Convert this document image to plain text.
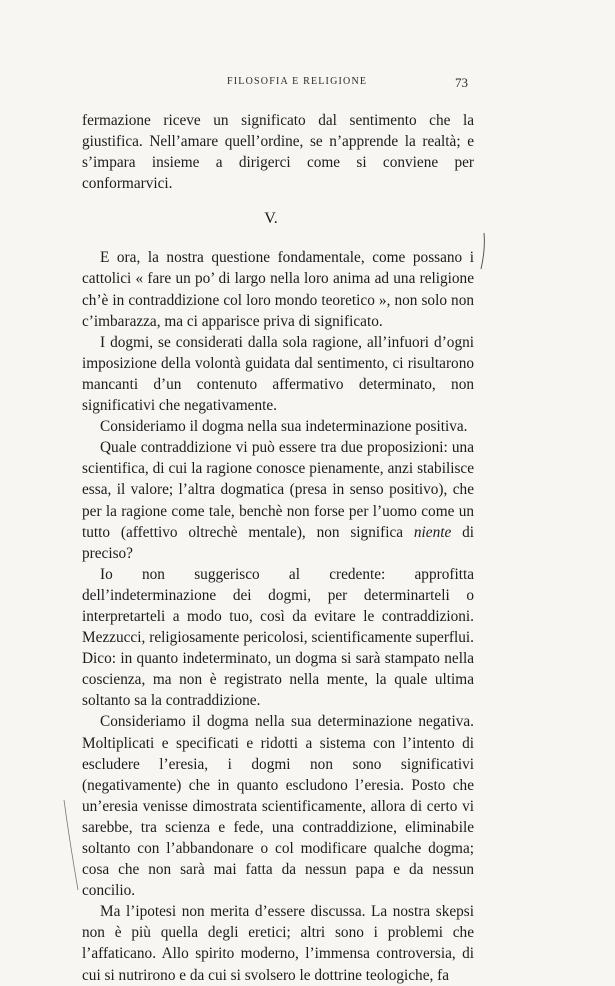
FILOSOFIA E RELIGIONE	73

fermazione riceve un significato dal sentimento che la giustifica. Nell’amare quell’ordine, se n’apprende la realtà; e s’impara insieme a dirigerci come si conviene per conformarvici.

V.

E ora, la nostra questione fondamentale, come possano i cattolici « fare un po’ di largo nella loro anima ad una religione ch’è in contraddizione col loro mondo teoretico », non solo non c’imbarazza, ma ci apparisce priva di significato.

I dogmi, se considerati dalla sola ragione, all’infuori d’ogni imposizione della volontà guidata dal sentimento, ci risultarono mancanti d’un contenuto affermativo determinato, non significativi che negativamente.

Consideriamo il dogma nella sua indeterminazione positiva.

Quale contraddizione vi può essere tra due proposizioni: una scientifica, di cui la ragione conosce pienamente, anzi stabilisce essa, il valore; l’altra dogmatica (presa in senso positivo), che per la ragione come tale, benchè non forse per l’uomo come un tutto (affettivo oltrechè mentale), non significa niente di preciso?

Io non suggerisco al credente: approfitta dell’indeterminazione dei dogmi, per determinarteli o interpretarteli a modo tuo, così da evitare le contraddizioni. Mezzucci, religiosamente pericolosi, scientificamente superflui. Dico: in quanto indeterminato, un dogma si sarà stampato nella coscienza, ma non è registrato nella mente, la quale ultima soltanto sa la contraddizione.

Consideriamo il dogma nella sua determinazione negativa. Moltiplicati e specificati e ridotti a sistema con l’intento di escludere l’eresia, i dogmi non sono significativi (negativamente) che in quanto escludono l’eresia. Posto che un’eresia venisse dimostrata scientificamente, allora di certo vi sarebbe, tra scienza e fede, una contraddizione, eliminabile soltanto con l’abbandonare o col modificare qualche dogma; cosa che non sarà mai fatta da nessun papa e da nessun concilio.

Ma l’ipotesi non merita d’essere discussa. La nostra skepsi non è più quella degli eretici; altri sono i problemi che l’affaticano. Allo spirito moderno, l’immensa controversia, di cui si nutrirono e da cui si svolsero le dottrine teologiche, fa
